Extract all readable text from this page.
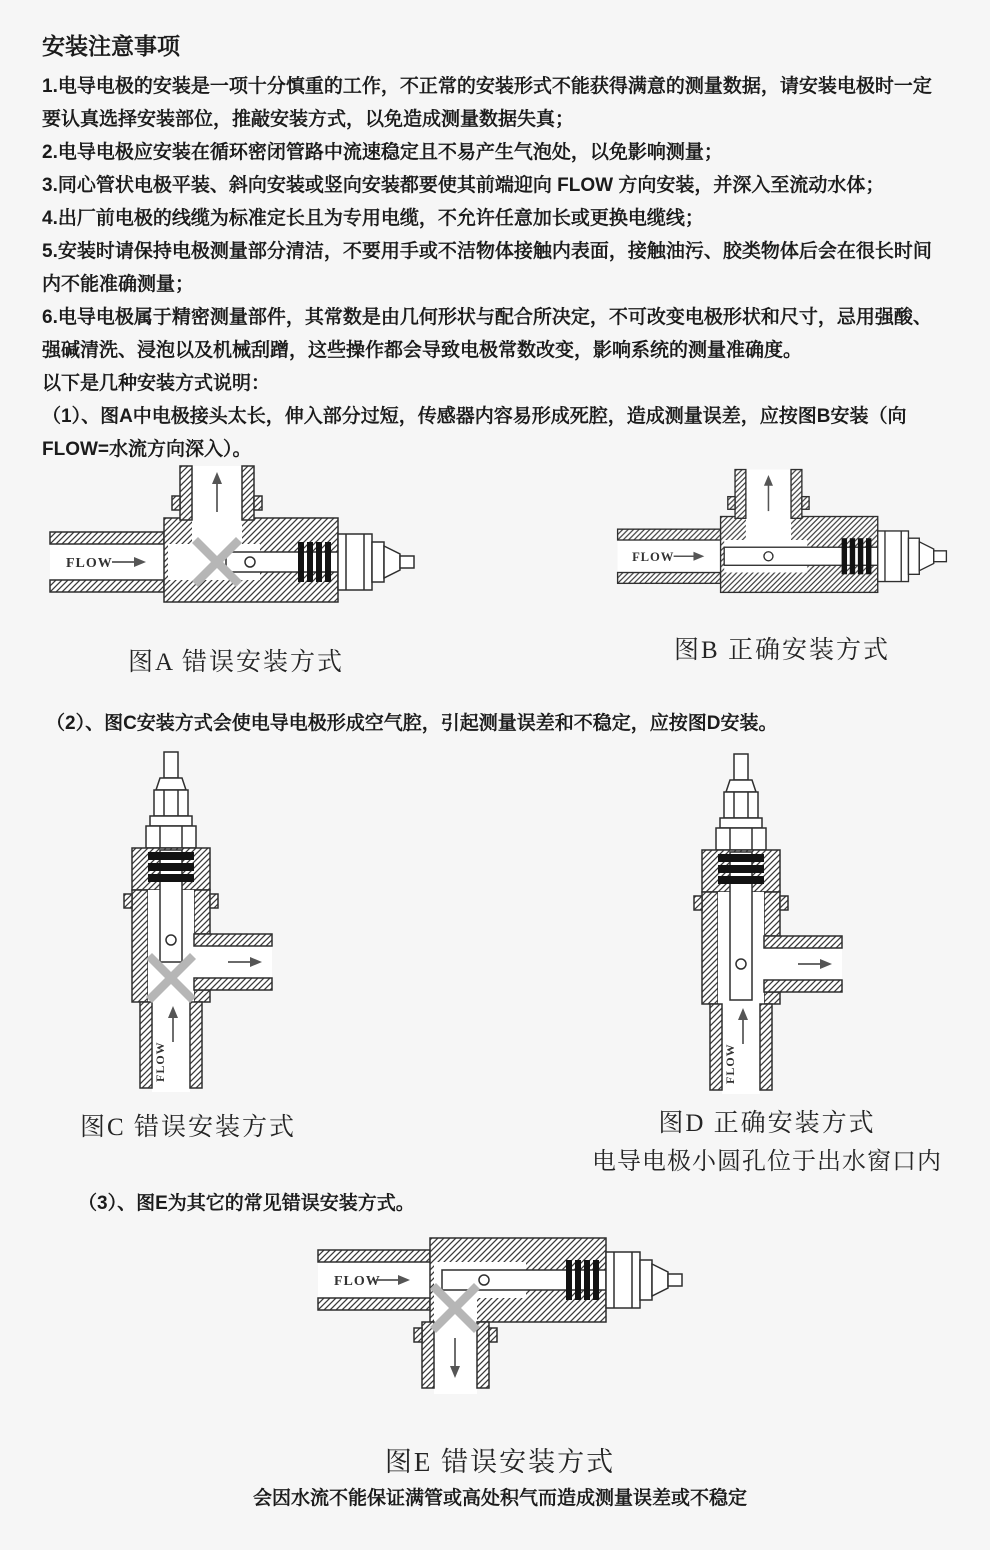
安装注意事项

1.电导电极的安装是一项十分慎重的工作，不正常的安装形式不能获得满意的测量数据，请安装电极时一定要认真选择安装部位，推敲安装方式，以免造成测量数据失真；

2.电导电极应安装在循环密闭管路中流速稳定且不易产生气泡处，以免影响测量；

3.同心管状电极平装、斜向安装或竖向安装都要使其前端迎向 FLOW 方向安装，并深入至流动水体；

4.出厂前电极的线缆为标准定长且为专用电缆，不允许任意加长或更换电缆线；

5.安装时请保持电极测量部分清洁，不要用手或不洁物体接触内表面，接触油污、胶类物体后会在很长时间内不能准确测量；

6.电导电极属于精密测量部件，其常数是由几何形状与配合所决定，不可改变电极形状和尺寸，忌用强酸、强碱清洗、浸泡以及机械刮蹭，这些操作都会导致电极常数改变，影响系统的测量准确度。

以下是几种安装方式说明：

（1）、图A中电极接头太长，伸入部分过短，传感器内容易形成死腔，造成测量误差，应按图B安装（向 FLOW=水流方向深入）。

（2）、图C安装方式会使电导电极形成空气腔，引起测量误差和不稳定，应按图D安装。

（3）、图E为其它的常见错误安装方式。

FLOW
图A 错误安装方式
FLOW
图B 正确安装方式
FLOW
图C 错误安装方式
FLOW
图D 正确安装方式
电导电极小圆孔位于出水窗口内
FLOW
图E 错误安装方式
会因水流不能保证满管或高处积气而造成测量误差或不稳定
